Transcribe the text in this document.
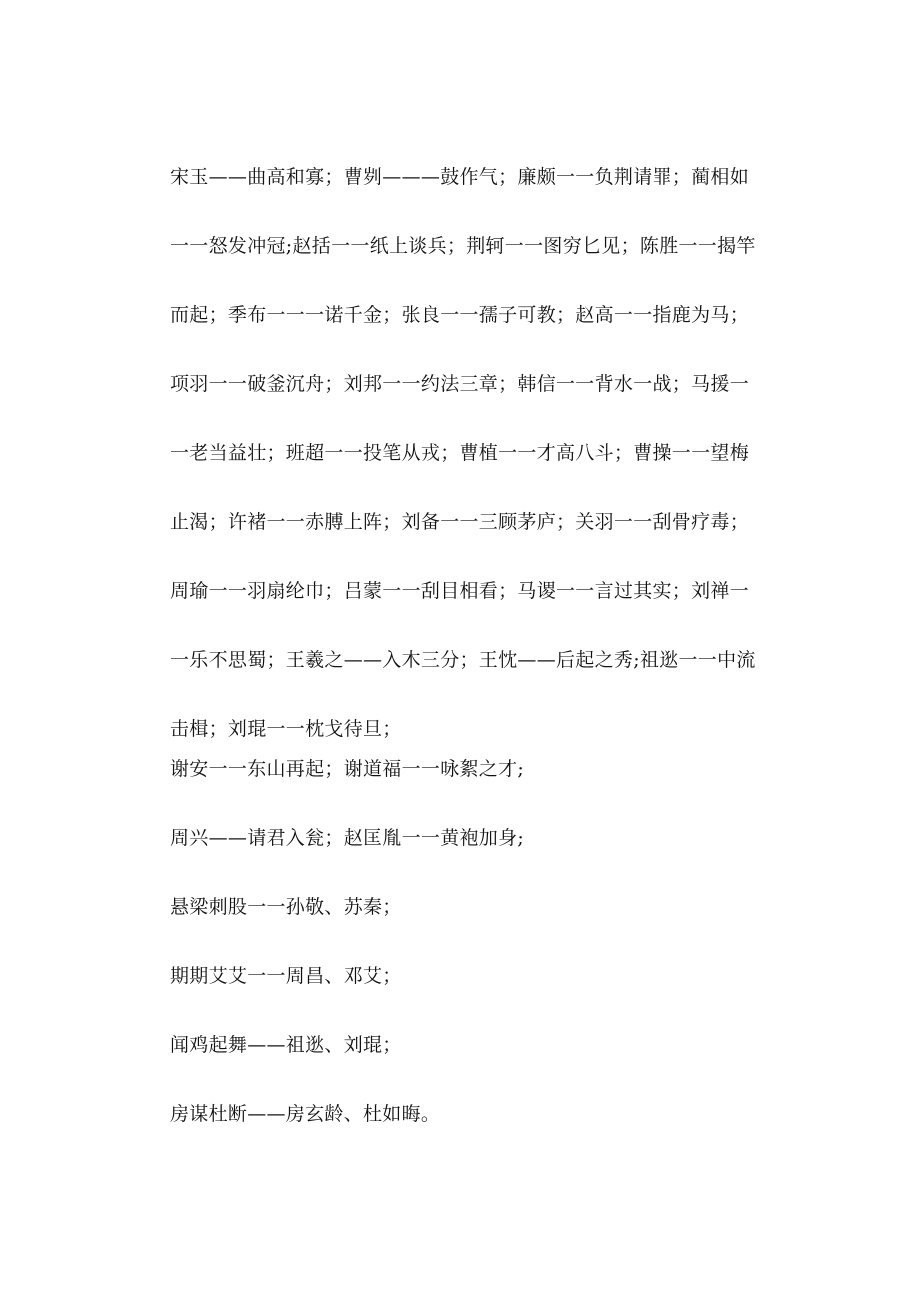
宋玉——曲高和寡；曹刿———鼓作气；廉颇一一负荆请罪；蔺相如
一一怒发冲冠;赵括一一纸上谈兵；荆轲一一图穷匕见；陈胜一一揭竿
而起；季布一一一诺千金；张良一一孺子可教；赵高一一指鹿为马；
项羽一一破釜沉舟；刘邦一一约法三章；韩信一一背水一战；马援一
一老当益壮；班超一一投笔从戎；曹植一一才高八斗；曹操一一望梅
止渴；许褚一一赤膊上阵；刘备一一三顾茅庐；关羽一一刮骨疗毒；
周瑜一一羽扇纶巾；吕蒙一一刮目相看；马谡一一言过其实；刘禅一
一乐不思蜀；王羲之——入木三分；王忱——后起之秀;祖逖一一中流
击楫；刘琨一一枕戈待旦；
谢安一一东山再起；谢道福一一咏絮之才;
周兴——请君入瓮；赵匡胤一一黄袍加身;
悬梁刺股一一孙敬、苏秦；
期期艾艾一一周昌、邓艾；
闻鸡起舞——祖逖、刘琨；
房谋杜断——房玄龄、杜如晦。
